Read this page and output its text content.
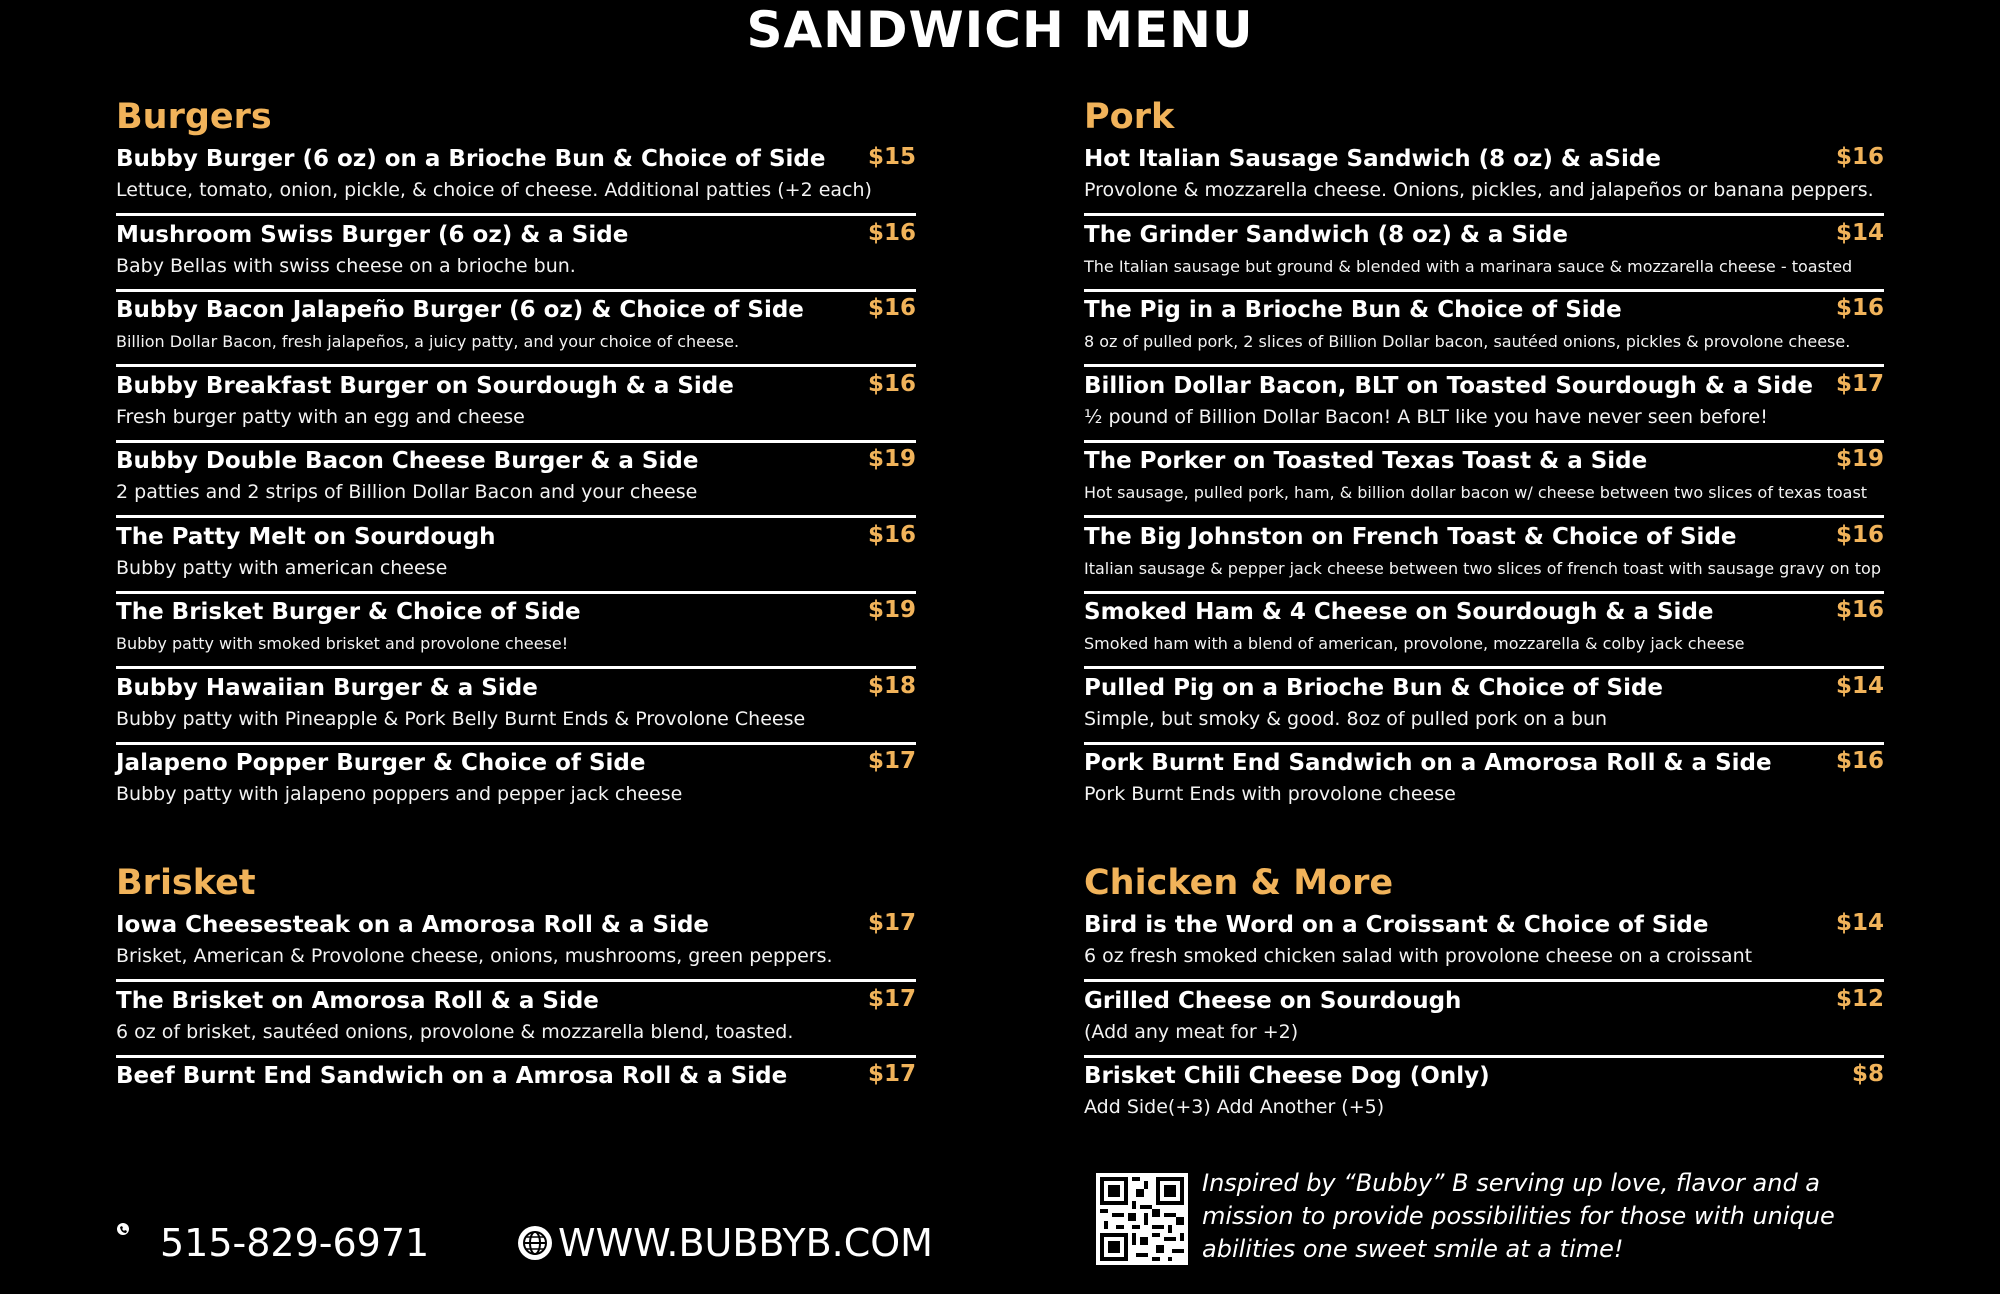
SANDWICH MENU
Burgers
Bubby Burger (6 oz) on a Brioche Bun & Choice of Side $15
Lettuce, tomato, onion, pickle, & choice of cheese. Additional patties (+2 each)
Mushroom Swiss Burger (6 oz) & a Side	$16
Baby Bellas with swiss cheese on a brioche bun.
Bubby Bacon Jalapeño Burger (6 oz) & Choice of Side	$16
Billion Dollar Bacon, fresh jalapeños, a juicy patty, and your choice of cheese.
Bubby Breakfast Burger on Sourdough & a Side	$16
Fresh burger patty with an egg and cheese
Bubby Double Bacon Cheese Burger & a Side	$19
2 patties and 2 strips of Billion Dollar Bacon and your cheese
The Patty Melt on Sourdough	$16
Bubby patty with american cheese
The Brisket Burger & Choice of Side	$19
Bubby patty with smoked brisket and provolone cheese!
Bubby Hawaiian Burger & a Side	$18
Bubby patty with Pineapple & Pork Belly Burnt Ends & Provolone Cheese
Jalapeno Popper Burger & Choice of Side	$17
Bubby patty with jalapeno poppers and pepper jack cheese
Brisket
Iowa Cheesesteak on a Amorosa Roll & a Side	$17
Brisket, American & Provolone cheese, onions, mushrooms, green peppers.
The Brisket on Amorosa Roll & a Side	$17
6 oz of brisket, sautéed onions, provolone & mozzarella blend, toasted.
Beef Burnt End Sandwich on a Amrosa Roll & a Side	$17
Pork
Hot Italian Sausage Sandwich (8 oz) & aSide	$16
Provolone & mozzarella cheese. Onions, pickles, and jalapeños or banana peppers.
The Grinder Sandwich (8 oz) & a Side	$14
The Italian sausage but ground & blended with a marinara sauce & mozzarella cheese - toasted
The Pig in a Brioche Bun & Choice of Side	$16
8 oz of pulled pork, 2 slices of Billion Dollar bacon, sautéed onions, pickles & provolone cheese.
Billion Dollar Bacon, BLT on Toasted Sourdough & a Side $17
½ pound of Billion Dollar Bacon! A BLT like you have never seen before!
The Porker on Toasted Texas Toast & a Side	$19
Hot sausage, pulled pork, ham, & billion dollar bacon w/ cheese between two slices of texas toast
The Big Johnston on French Toast & Choice of Side	$16
Italian sausage & pepper jack cheese between two slices of french toast with sausage gravy on top
Smoked Ham & 4 Cheese on Sourdough & a Side	$16
Smoked ham with a blend of american, provolone, mozzarella & colby jack cheese
Pulled Pig on a Brioche Bun & Choice of Side	$14
Simple, but smoky & good. 8oz of pulled pork on a bun
Pork Burnt End Sandwich on a Amorosa Roll & a Side	$16
Pork Burnt Ends with provolone cheese
Chicken & More
Bird is the Word on a Croissant & Choice of Side	$14
6 oz fresh smoked chicken salad with provolone cheese on a croissant
Grilled Cheese on Sourdough	$12
(Add any meat for +2)
Brisket Chili Cheese Dog (Only)	$8
Add Side(+3) Add Another (+5)
515-829-6971	WWW.BUBBYB.COM
Inspired by “Bubby” B serving up love, flavor and a mission to provide possibilities for those with unique abilities one sweet smile at a time!
